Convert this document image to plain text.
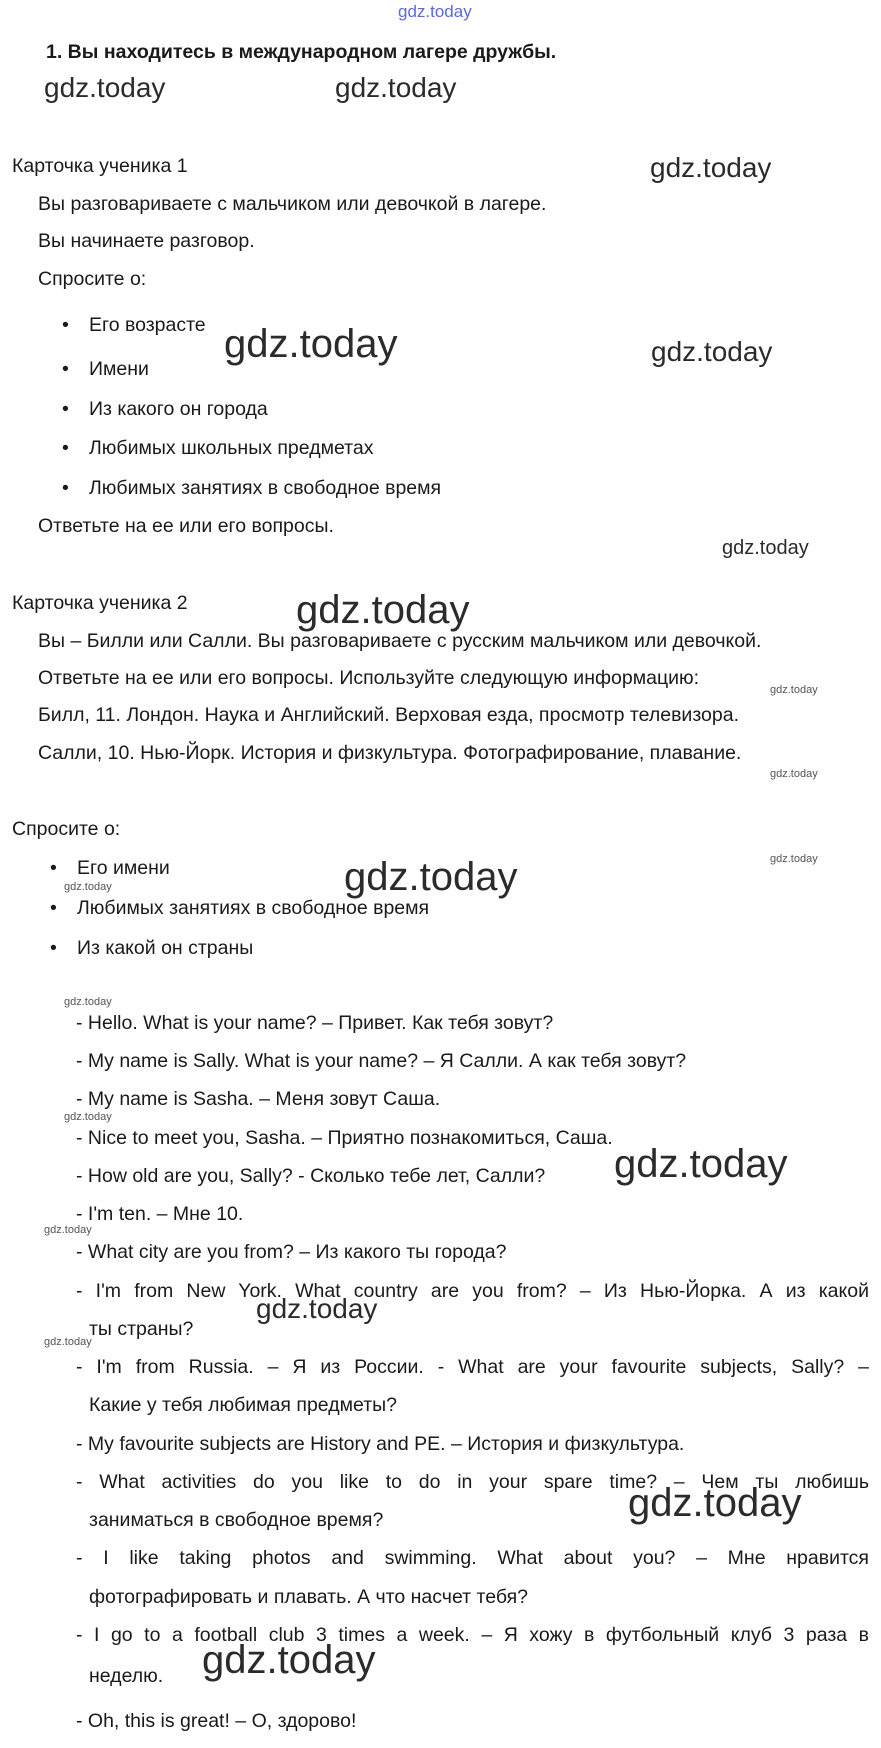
gdz.today
gdz.today	gdz.today
gdz.today
gdz.today	gdz.today
gdz.today
gdz.today
gdz.today
gdz.today
gdz.today
gdz.today
gdz.today
gdz.today
gdz.today
gdz.today
gdz.today
gdz.today
gdz.today
gdz.today
gdz.today
1. Вы находитесь в международном лагере дружбы.
Карточка ученика 1
Вы разговариваете с мальчиком или девочкой в лагере.
Вы начинаете разговор.
Спросите о:
• Его возрасте
• Имени
• Из какого он города
• Любимых школьных предметах
• Любимых занятиях в свободное время
Ответьте на ее или его вопросы.
Карточка ученика 2
Вы – Билли или Салли. Вы разговариваете с русским мальчиком или девочкой.
Ответьте на ее или его вопросы. Используйте следующую информацию:
Билл, 11. Лондон. Наука и Английский. Верховая езда, просмотр телевизора.
Салли, 10. Нью-Йорк. История и физкультура. Фотографирование, плавание.
Спросите о:
• Его имени
• Любимых занятиях в свободное время
• Из какой он страны
- Hello. What is your name? – Привет. Как тебя зовут?
- My name is Sally. What is your name? – Я Салли. А как тебя зовут?
- My name is Sasha. – Меня зовут Саша.
- Nice to meet you, Sasha. – Приятно познакомиться, Саша.
- How old are you, Sally? - Сколько тебе лет, Салли?
- I'm ten. – Мне 10.
- What city are you from? – Из какого ты города?
- I'm from New York. What country are you from? – Из Нью-Йорка. А из какой
ты страны?
- I'm from Russia. – Я из России. - What are your favourite subjects, Sally? –
Какие у тебя любимая предметы?
- My favourite subjects are History and PE. – История и физкультура.
- What activities do you like to do in your spare time? – Чем ты любишь
заниматься в свободное время?
- I like taking photos and swimming. What about you? – Мне нравится
фотографировать и плавать. А что насчет тебя?
- I go to a football club 3 times a week. – Я хожу в футбольный клуб 3 раза в
неделю.
- Oh, this is great! – О, здорово!
